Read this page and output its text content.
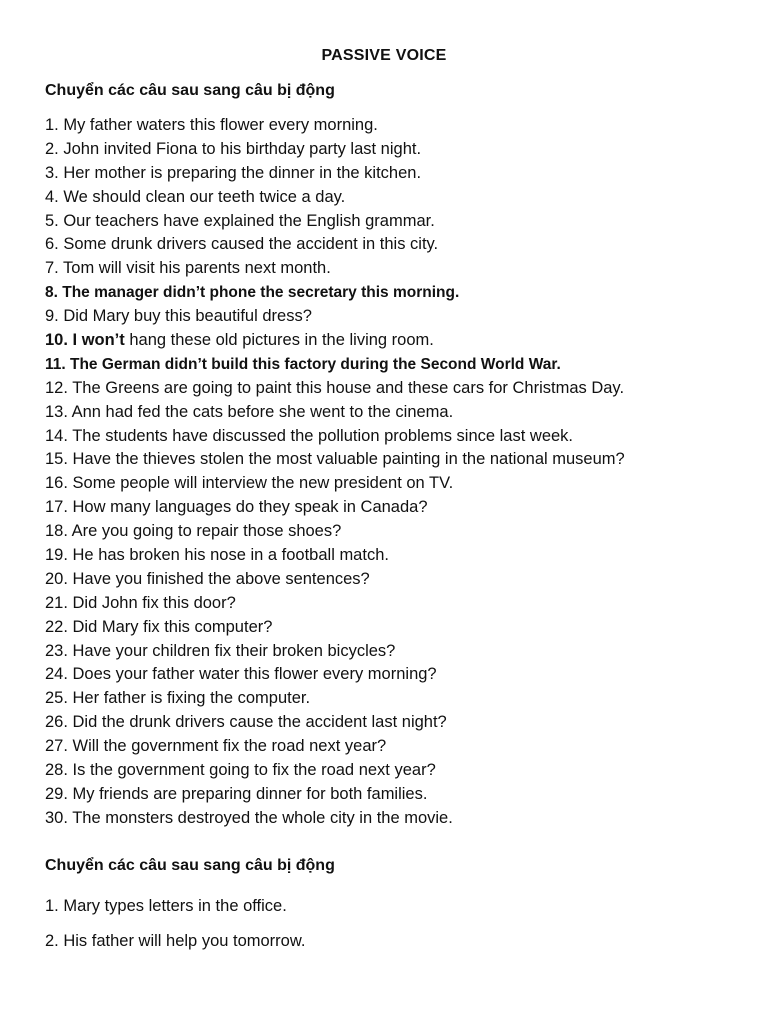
PASSIVE VOICE
Chuyển các câu sau sang câu bị động
1. My father waters this flower every morning.
2. John invited Fiona to his birthday party last night.
3. Her mother is preparing the dinner in the kitchen.
4. We should clean our teeth twice a day.
5. Our teachers have explained the English grammar.
6. Some drunk drivers caused the accident in this city.
7. Tom will visit his parents next month.
8. The manager didn’t phone the secretary this morning.
9. Did Mary buy this beautiful dress?
10. I won’t hang these old pictures in the living room.
11. The German didn’t build this factory during the Second World War.
12. The Greens are going to paint this house and these cars for Christmas Day.
13. Ann had fed the cats before she went to the cinema.
14. The students have discussed the pollution problems since last week.
15. Have the thieves stolen the most valuable painting in the national museum?
16. Some people will interview the new president on TV.
17. How many languages do they speak in Canada?
18. Are you going to repair those shoes?
19. He has broken his nose in a football match.
20. Have you finished the above sentences?
21. Did John fix this door?
22. Did Mary fix this computer?
23. Have your children fix their broken bicycles?
24. Does your father water this flower every morning?
25. Her father is fixing the computer.
26. Did the drunk drivers cause the accident last night?
27. Will the government fix the road next year?
28. Is the government going to fix the road next year?
29. My friends are preparing dinner for both families.
30. The monsters destroyed the whole city in the movie.
Chuyển các câu sau sang câu bị động
1. Mary types letters in the office.
2. His father will help you tomorrow.
